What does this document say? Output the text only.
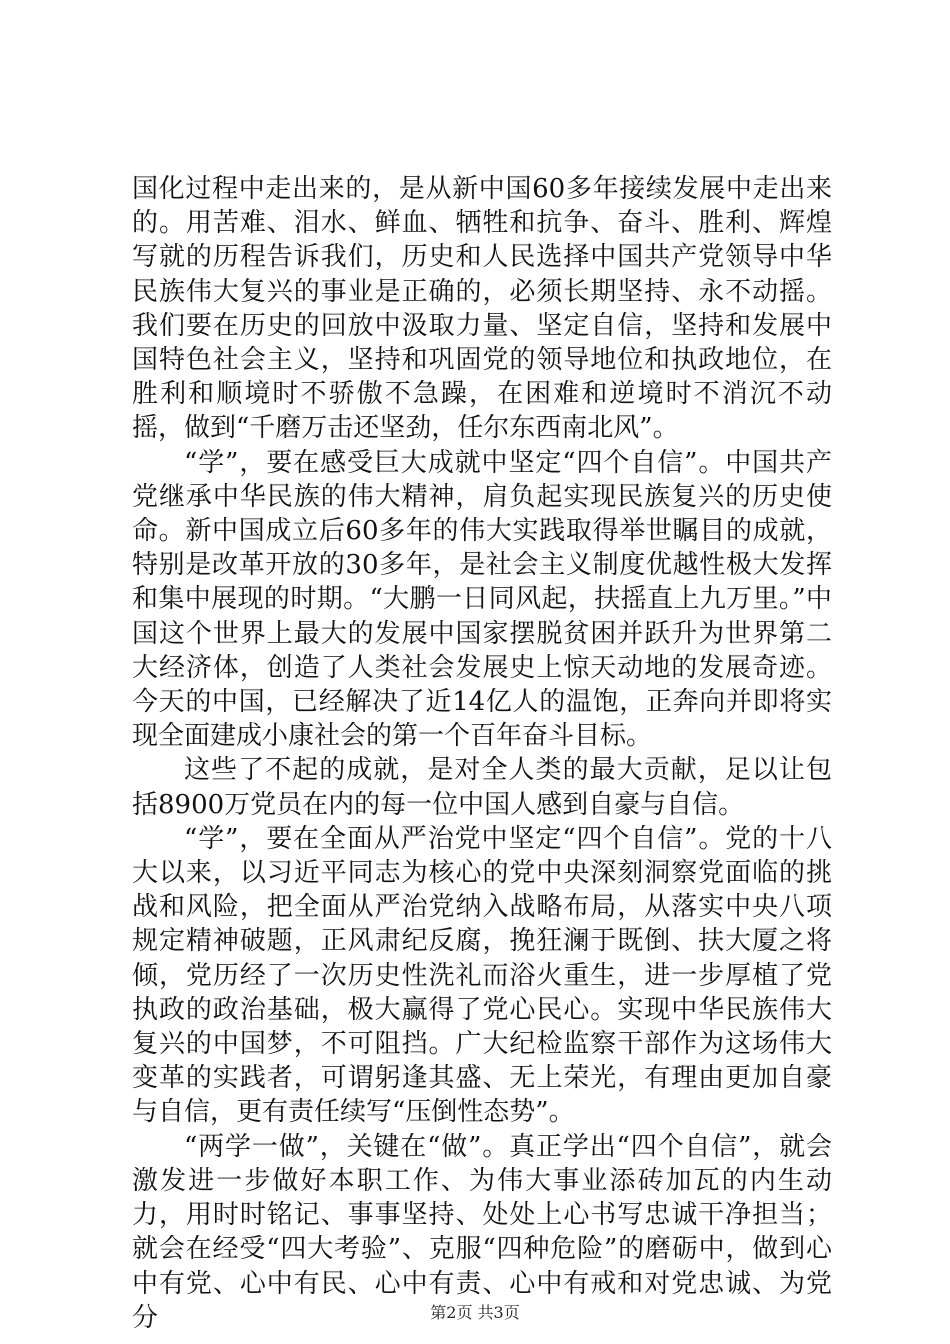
国化过程中走出来的，是从新中国60多年接续发展中走出来的。用苦难、泪水、鲜血、牺牲和抗争、奋斗、胜利、辉煌写就的历程告诉我们，历史和人民选择中国共产党领导中华民族伟大复兴的事业是正确的，必须长期坚持、永不动摇。我们要在历史的回放中汲取力量、坚定自信，坚持和发展中国特色社会主义，坚持和巩固党的领导地位和执政地位，在胜利和顺境时不骄傲不急躁，在困难和逆境时不消沉不动摇，做到“千磨万击还坚劲，任尔东西南北风”。

“学”，要在感受巨大成就中坚定“四个自信”。中国共产党继承中华民族的伟大精神，肩负起实现民族复兴的历史使命。新中国成立后60多年的伟大实践取得举世瞩目的成就，特别是改革开放的30多年，是社会主义制度优越性极大发挥和集中展现的时期。“大鹏一日同风起，扶摇直上九万里。”中国这个世界上最大的发展中国家摆脱贫困并跃升为世界第二大经济体，创造了人类社会发展史上惊天动地的发展奇迹。今天的中国，已经解决了近14亿人的温饱，正奔向并即将实现全面建成小康社会的第一个百年奋斗目标。

这些了不起的成就，是对全人类的最大贡献，足以让包括8900万党员在内的每一位中国人感到自豪与自信。

“学”，要在全面从严治党中坚定“四个自信”。党的十八大以来，以习近平同志为核心的党中央深刻洞察党面临的挑战和风险，把全面从严治党纳入战略布局，从落实中央八项规定精神破题，正风肃纪反腐，挽狂澜于既倒、扶大厦之将倾，党历经了一次历史性洗礼而浴火重生，进一步厚植了党执政的政治基础，极大赢得了党心民心。实现中华民族伟大复兴的中国梦，不可阻挡。广大纪检监察干部作为这场伟大变革的实践者，可谓躬逢其盛、无上荣光，有理由更加自豪与自信，更有责任续写“压倒性态势”。

“两学一做”，关键在“做”。真正学出“四个自信”，就会激发进一步做好本职工作、为伟大事业添砖加瓦的内生动力，用时时铭记、事事坚持、处处上心书写忠诚干净担当；就会在经受“四大考验”、克服“四种危险”的磨砺中，做到心中有党、心中有民、心中有责、心中有戒和对党忠诚、为党分	第2页 共3页
